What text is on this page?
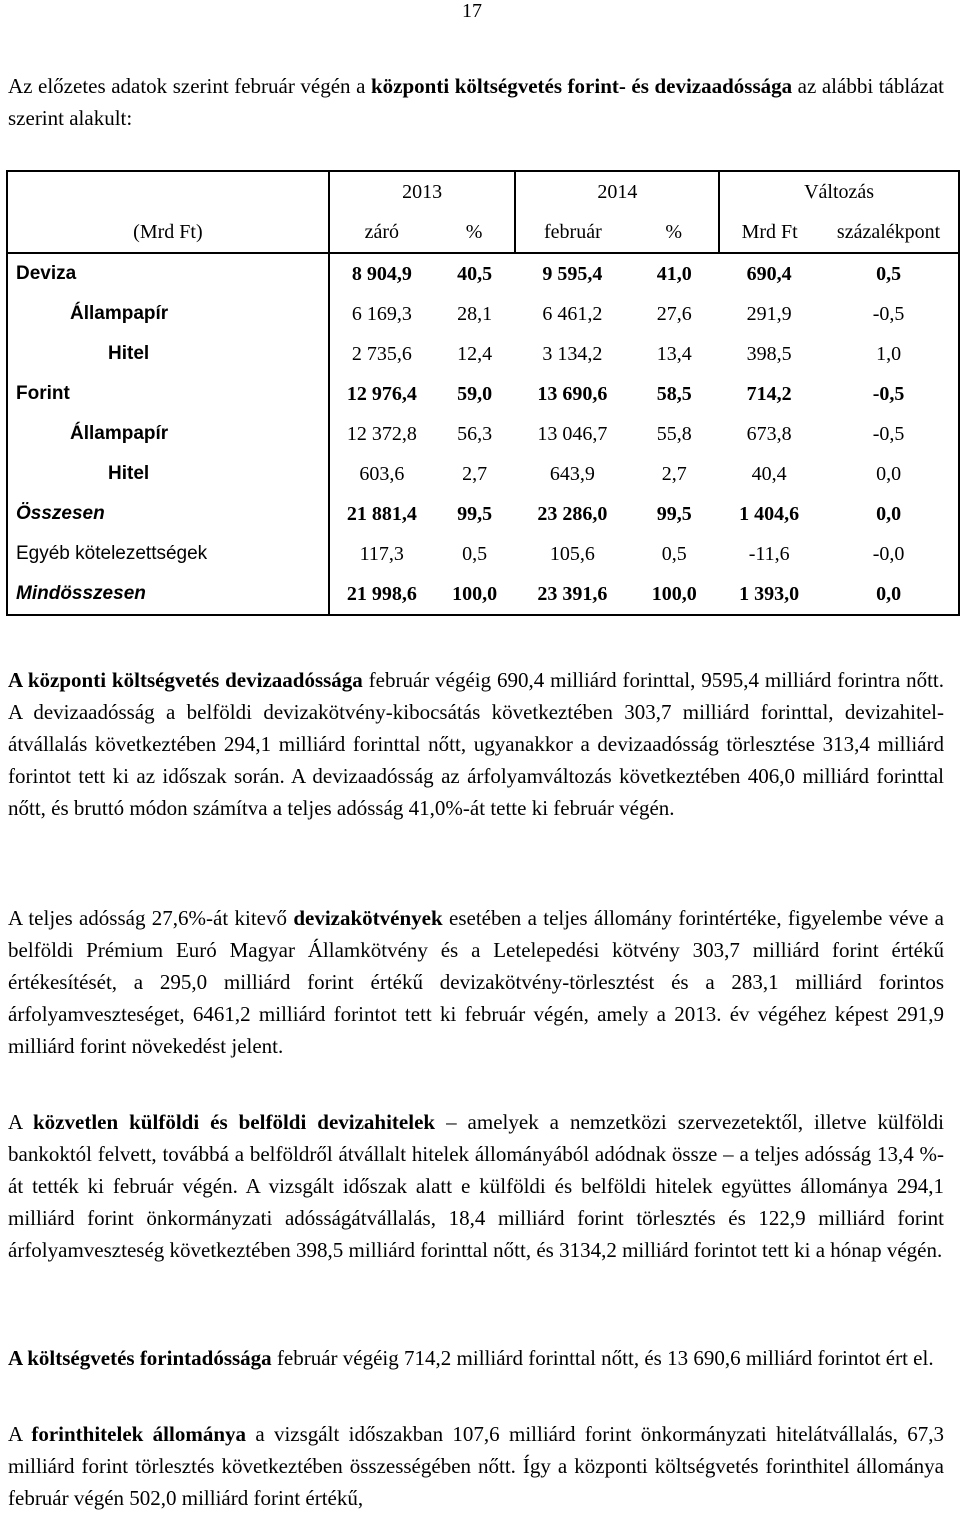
17
Az előzetes adatok szerint február végén a központi költségvetés forint- és devizaadóssága az alábbi táblázat szerint alakult:
	2013		2014		Változás	
(Mrd Ft)	záró	%	február	%	Mrd Ft	százalékpont
Deviza	8 904,9	40,5	9 595,4	41,0	690,4	0,5
Állampapír	6 169,3	28,1	6 461,2	27,6	291,9	-0,5
Hitel	2 735,6	12,4	3 134,2	13,4	398,5	1,0
Forint	12 976,4	59,0	13 690,6	58,5	714,2	-0,5
Állampapír	12 372,8	56,3	13 046,7	55,8	673,8	-0,5
Hitel	603,6	2,7	643,9	2,7	40,4	0,0
Összesen	21 881,4	99,5	23 286,0	99,5	1 404,6	0,0
Egyéb kötelezettségek	117,3	0,5	105,6	0,5	-11,6	-0,0
Mindösszesen	21 998,6	100,0	23 391,6	100,0	1 393,0	0,0
A központi költségvetés devizaadóssága február végéig 690,4 milliárd forinttal, 9595,4 milliárd forintra nőtt. A devizaadósság a belföldi devizakötvény-kibocsátás következtében 303,7 milliárd forinttal, devizahitel-átvállalás következtében 294,1 milliárd forinttal nőtt, ugyanakkor a devizaadósság törlesztése 313,4 milliárd forintot tett ki az időszak során. A devizaadósság az árfolyamváltozás következtében 406,0 milliárd forinttal nőtt, és bruttó módon számítva a teljes adósság 41,0%-át tette ki február végén.
A teljes adósság 27,6%-át kitevő devizakötvények esetében a teljes állomány forintértéke, figyelembe véve a belföldi Prémium Euró Magyar Államkötvény és a Letelepedési kötvény 303,7 milliárd forint értékű értékesítését, a 295,0 milliárd forint értékű devizakötvény-törlesztést és a 283,1 milliárd forintos árfolyamveszteséget, 6461,2 milliárd forintot tett ki február végén, amely a 2013. év végéhez képest 291,9 milliárd forint növekedést jelent.
A közvetlen külföldi és belföldi devizahitelek – amelyek a nemzetközi szervezetektől, illetve külföldi bankoktól felvett, továbbá a belföldről átvállalt hitelek állományából adódnak össze – a teljes adósság 13,4 %-át tették ki február végén. A vizsgált időszak alatt e külföldi és belföldi hitelek együttes állománya 294,1 milliárd forint önkormányzati adósságátvállalás, 18,4 milliárd forint törlesztés és 122,9 milliárd forint árfolyamveszteség következtében 398,5 milliárd forinttal nőtt, és 3134,2 milliárd forintot tett ki a hónap végén.
A költségvetés forintadóssága február végéig 714,2 milliárd forinttal nőtt, és 13 690,6 milliárd forintot ért el.
A forinthitelek állománya a vizsgált időszakban 107,6 milliárd forint önkormányzati hitelátvállalás, 67,3 milliárd forint törlesztés következtében összességében nőtt. Így a központi költségvetés forinthitel állománya február végén 502,0 milliárd forint értékű,
